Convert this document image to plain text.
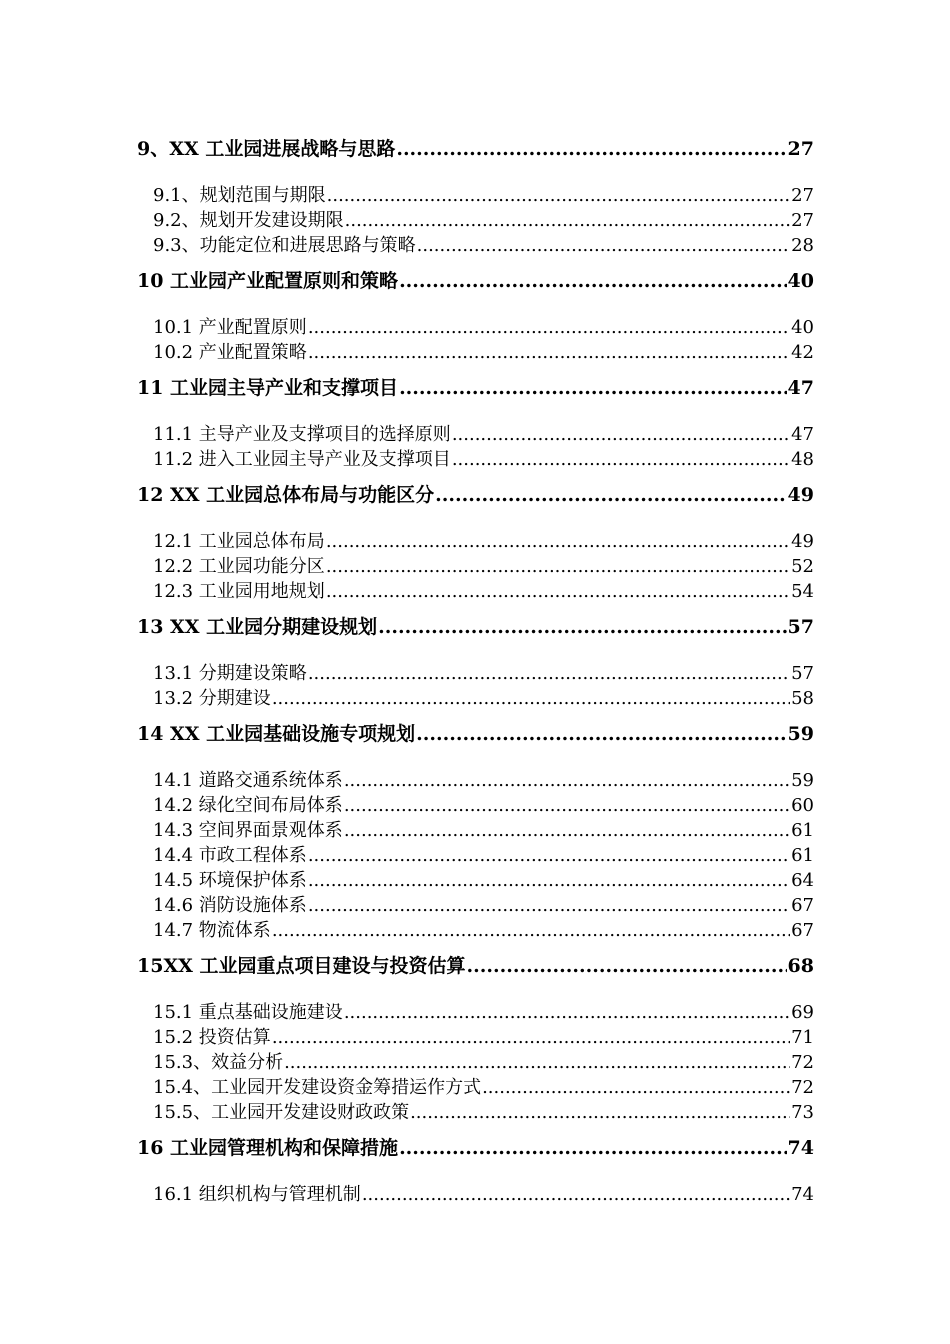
9、XX 工业园进展战略与思路 .....	27
9.1、规划范围与期限 .....	27
9.2、规划开发建设期限 .....	27
9.3、功能定位和进展思路与策略 .....	28
10 工业园产业配置原则和策略 .....	40
10.1 产业配置原则 .....	40
10.2 产业配置策略 .....	42
11 工业园主导产业和支撑项目 .....	47
11.1 主导产业及支撑项目的选择原则 .....	47
11.2 进入工业园主导产业及支撑项目 .....	48
12 XX 工业园总体布局与功能区分 .....	49
12.1 工业园总体布局 .....	49
12.2 工业园功能分区 .....	52
12.3 工业园用地规划 .....	54
13 XX 工业园分期建设规划 .....	57
13.1 分期建设策略 .....	57
13.2 分期建设 .....	58
14 XX 工业园基础设施专项规划 .....	59
14.1 道路交通系统体系 .....	59
14.2 绿化空间布局体系 .....	60
14.3 空间界面景观体系 .....	61
14.4 市政工程体系 .....	61
14.5 环境保护体系 .....	64
14.6 消防设施体系 .....	67
14.7 物流体系 .....	67
15XX 工业园重点项目建设与投资估算 .....	68
15.1 重点基础设施建设 .....	69
15.2 投资估算 .....	71
15.3、效益分析 .....	72
15.4、工业园开发建设资金筹措运作方式 .....	72
15.5、工业园开发建设财政政策 .....	73
16 工业园管理机构和保障措施 .....	74
16.1 组织机构与管理机制 .....	74
